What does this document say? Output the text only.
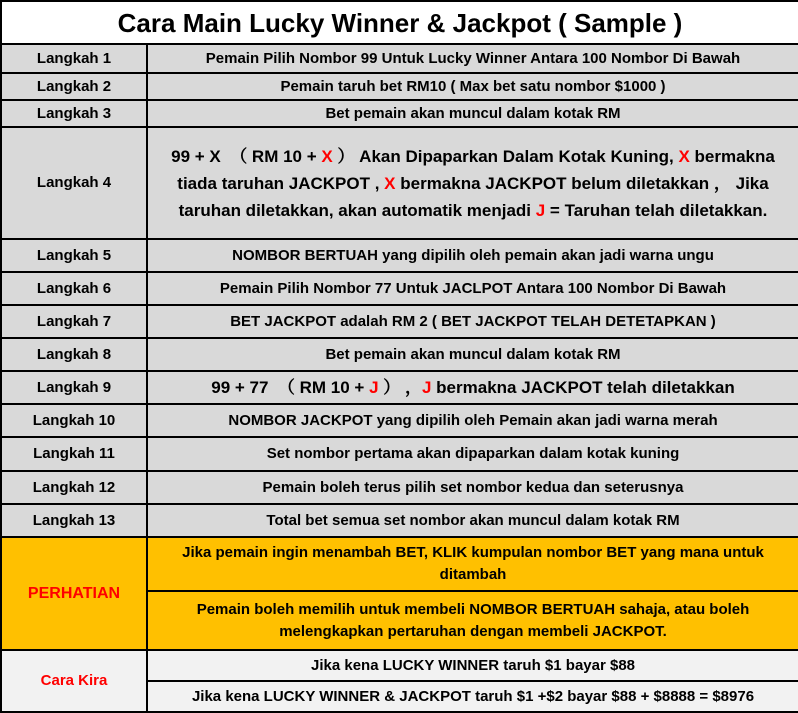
Cara Main Lucky Winner & Jackpot ( Sample )	
Langkah 1	Pemain Pilih Nombor 99 Untuk Lucky Winner Antara 100 Nombor Di Bawah
Langkah 2	Pemain taruh bet RM10 ( Max bet satu nombor $1000 )
Langkah 3	Bet pemain akan muncul dalam kotak RM
Langkah 4	99 + X  （ RM 10 + X ） Akan Dipaparkan Dalam Kotak Kuning, X bermakna tiada taruhan JACKPOT , X bermakna JACKPOT belum diletakkan ， Jika taruhan diletakkan, akan automatik menjadi J = Taruhan telah diletakkan.
Langkah 5	NOMBOR BERTUAH yang dipilih oleh pemain akan jadi warna ungu
Langkah 6	Pemain Pilih Nombor 77 Untuk JACLPOT Antara 100 Nombor Di Bawah
Langkah 7	BET JACKPOT adalah RM 2 ( BET JACKPOT TELAH DETETAPKAN )
Langkah 8	Bet pemain akan muncul dalam kotak RM
Langkah 9	99 + 77  （ RM 10 + J ） ，J bermakna JACKPOT telah diletakkan
Langkah 10	NOMBOR JACKPOT yang dipilih oleh Pemain akan jadi warna merah
Langkah 11	Set nombor pertama akan dipaparkan dalam kotak kuning
Langkah 12	Pemain boleh terus pilih set nombor kedua dan seterusnya
Langkah 13	Total bet semua set nombor akan muncul dalam kotak RM
PERHATIAN	Jika pemain ingin menambah BET, KLIK kumpulan nombor BET yang mana untuk ditambah
	Pemain boleh memilih untuk membeli NOMBOR BERTUAH sahaja, atau boleh melengkapkan pertaruhan dengan membeli JACKPOT.
Cara Kira	Jika kena LUCKY WINNER taruh $1 bayar $88
	Jika kena LUCKY WINNER & JACKPOT taruh $1 +$2 bayar $88 + $8888 = $8976
